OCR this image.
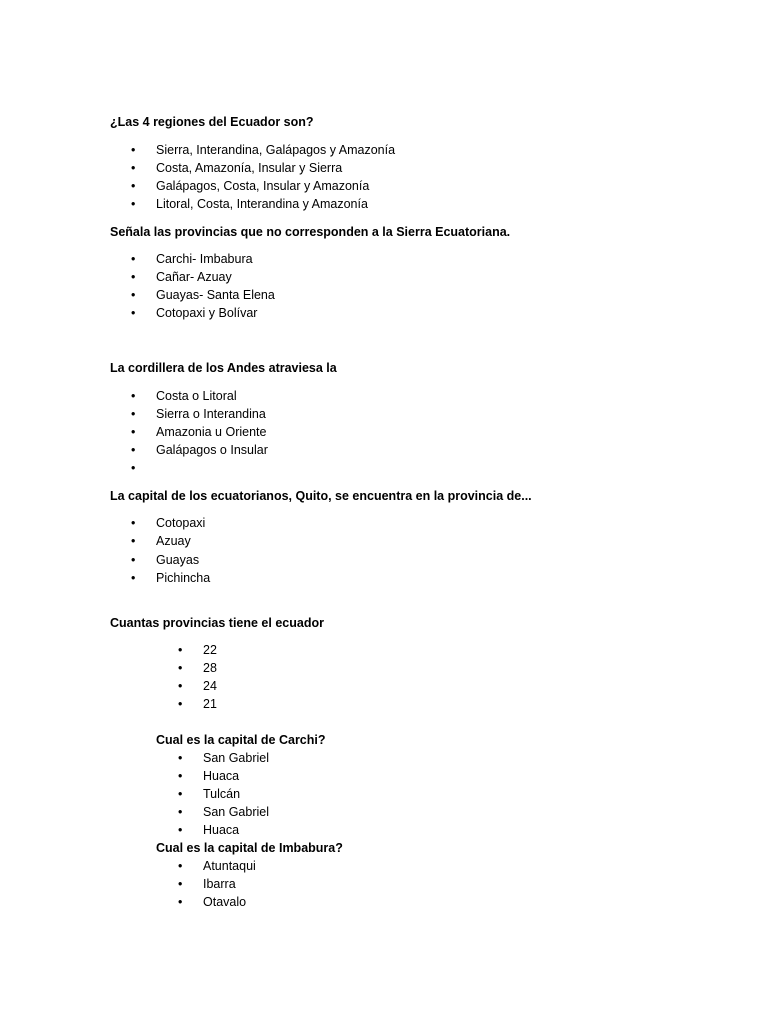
¿Las 4 regiones del Ecuador son?
• Sierra, Interandina, Galápagos y Amazonía
• Costa, Amazonía, Insular y Sierra
• Galápagos, Costa, Insular y Amazonía
• Litoral, Costa, Interandina y Amazonía
Señala las provincias que no corresponden a la Sierra Ecuatoriana.
• Carchi- Imbabura
• Cañar- Azuay
• Guayas- Santa Elena
• Cotopaxi y Bolívar
La cordillera de los Andes atraviesa la
• Costa o Litoral
• Sierra o Interandina
• Amazonia u Oriente
• Galápagos o Insular
•
La capital de los ecuatorianos, Quito, se encuentra en la provincia de...
• Cotopaxi
• Azuay
• Guayas
• Pichincha
Cuantas provincias tiene el ecuador
• 22
• 28
• 24
• 21
Cual es la capital de Carchi?
• San Gabriel
• Huaca
• Tulcán
• San Gabriel
• Huaca
Cual es la capital de Imbabura?
• Atuntaqui
• Ibarra
• Otavalo
